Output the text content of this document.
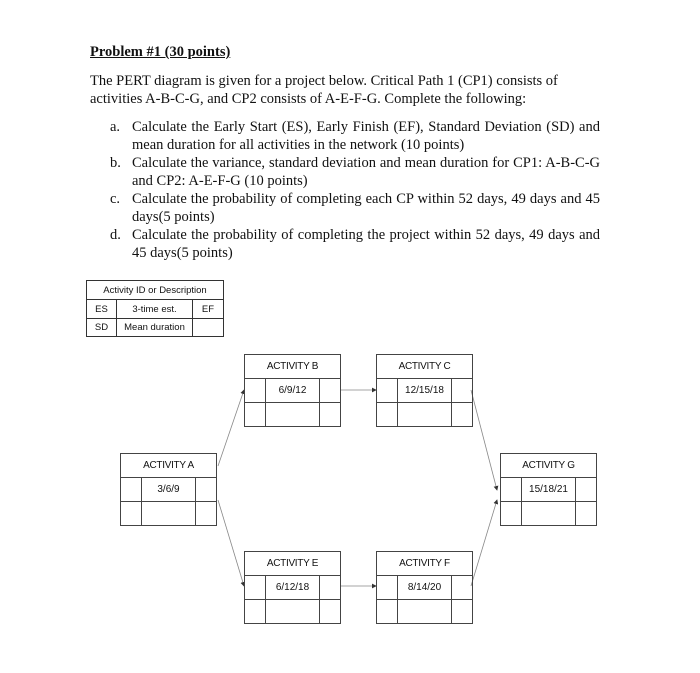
Problem #1 (30 points)
The PERT diagram is given for a project below. Critical Path 1 (CP1) consists of activities A-B-C-G, and CP2 consists of A-E-F-G. Complete the following:
a. Calculate the Early Start (ES), Early Finish (EF), Standard Deviation (SD) and mean duration for all activities in the network (10 points)
b. Calculate the variance, standard deviation and mean duration for CP1: A-B-C-G and CP2: A-E-F-G (10 points)
c. Calculate the probability of completing each CP within 52 days, 49 days and 45 days(5 points)
d. Calculate the probability of completing the project within 52 days, 49 days and 45 days(5 points)
Activity ID or Description
ES	3-time est.	EF
SD	Mean duration
ACTIVITY B
6/9/12
ACTIVITY C
12/15/18
ACTIVITY A
3/6/9
ACTIVITY G
15/18/21
ACTIVITY E
6/12/18
ACTIVITY F
8/14/20
